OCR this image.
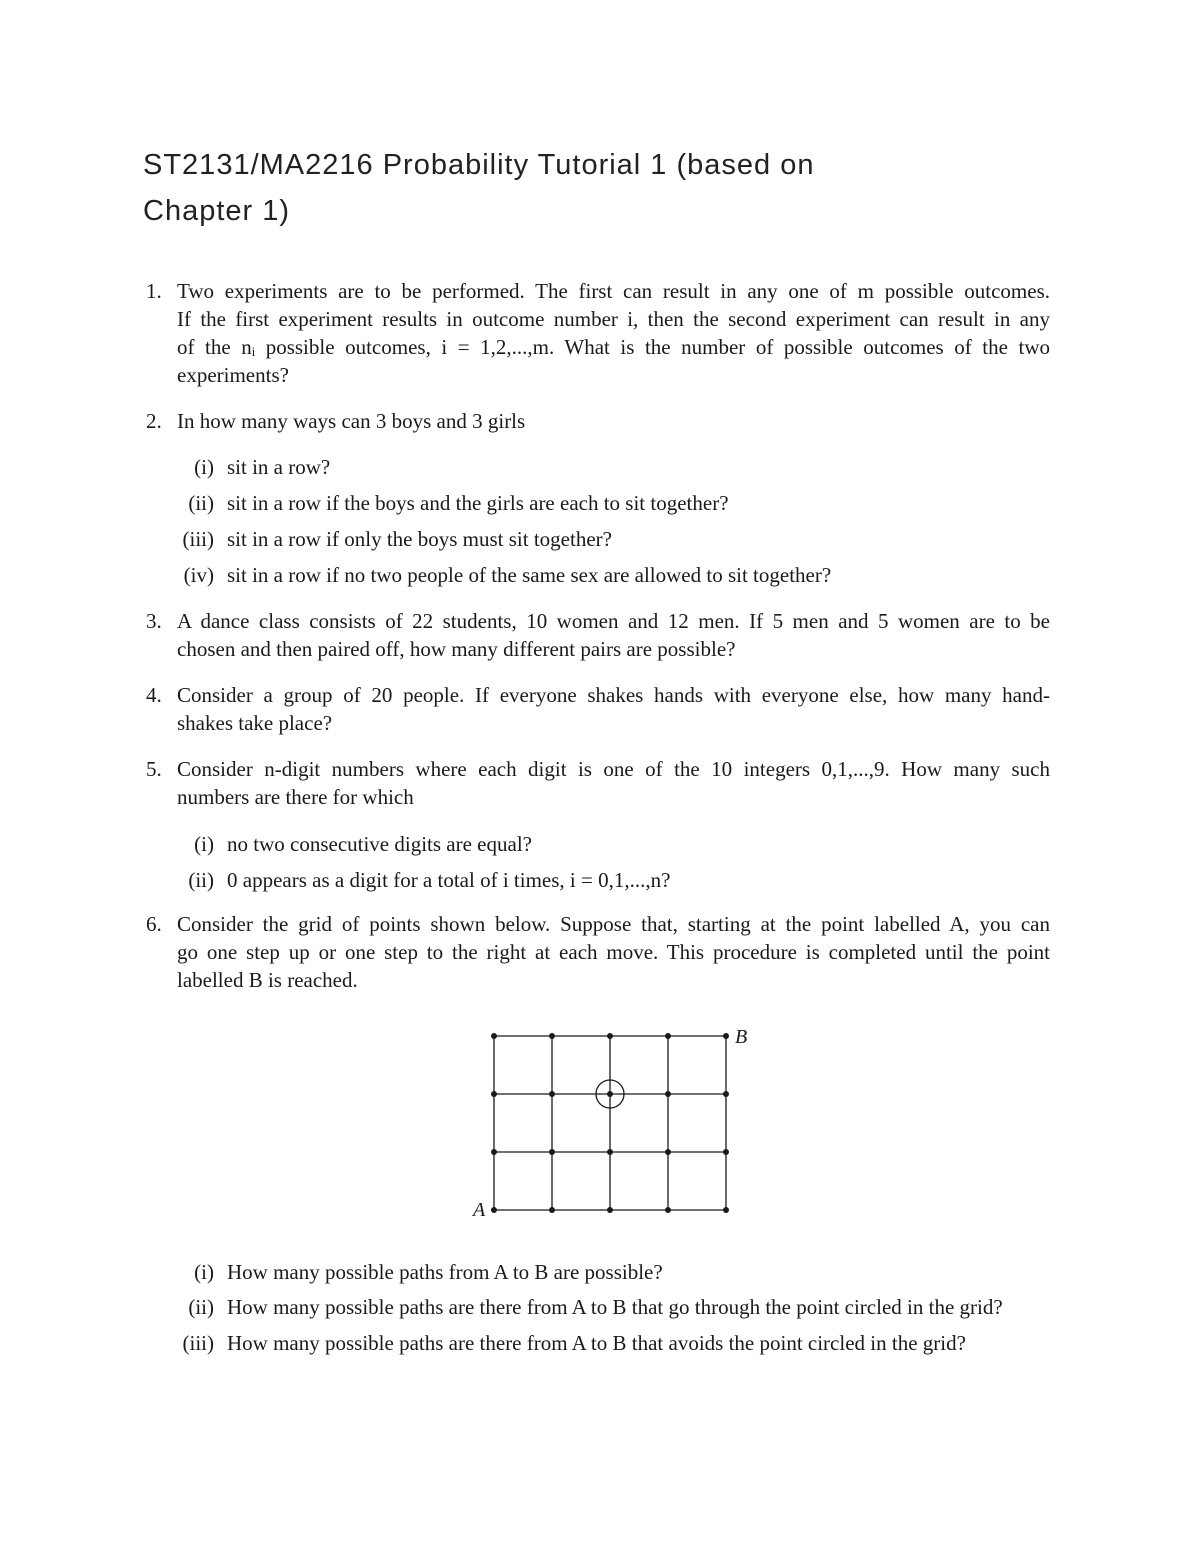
ST2131/MA2216 Probability Tutorial 1 (based on
Chapter 1)
1. Two experiments are to be performed. The first can result in any one of m possible outcomes.
If the first experiment results in outcome number i, then the second experiment can result in any
of the nᵢ possible outcomes, i = 1,2,...,m. What is the number of possible outcomes of the two
experiments?
2. In how many ways can 3 boys and 3 girls
(i) sit in a row?
(ii) sit in a row if the boys and the girls are each to sit together?
(iii) sit in a row if only the boys must sit together?
(iv) sit in a row if no two people of the same sex are allowed to sit together?
3. A dance class consists of 22 students, 10 women and 12 men. If 5 men and 5 women are to be
chosen and then paired off, how many different pairs are possible?
4. Consider a group of 20 people. If everyone shakes hands with everyone else, how many hand-
shakes take place?
5. Consider n-digit numbers where each digit is one of the 10 integers 0,1,...,9. How many such
numbers are there for which
(i) no two consecutive digits are equal?
(ii) 0 appears as a digit for a total of i times, i = 0,1,...,n?
6. Consider the grid of points shown below. Suppose that, starting at the point labelled A, you can
go one step up or one step to the right at each move. This procedure is completed until the point
labelled B is reached.
A
B
(i) How many possible paths from A to B are possible?
(ii) How many possible paths are there from A to B that go through the point circled in the grid?
(iii) How many possible paths are there from A to B that avoids the point circled in the grid?
